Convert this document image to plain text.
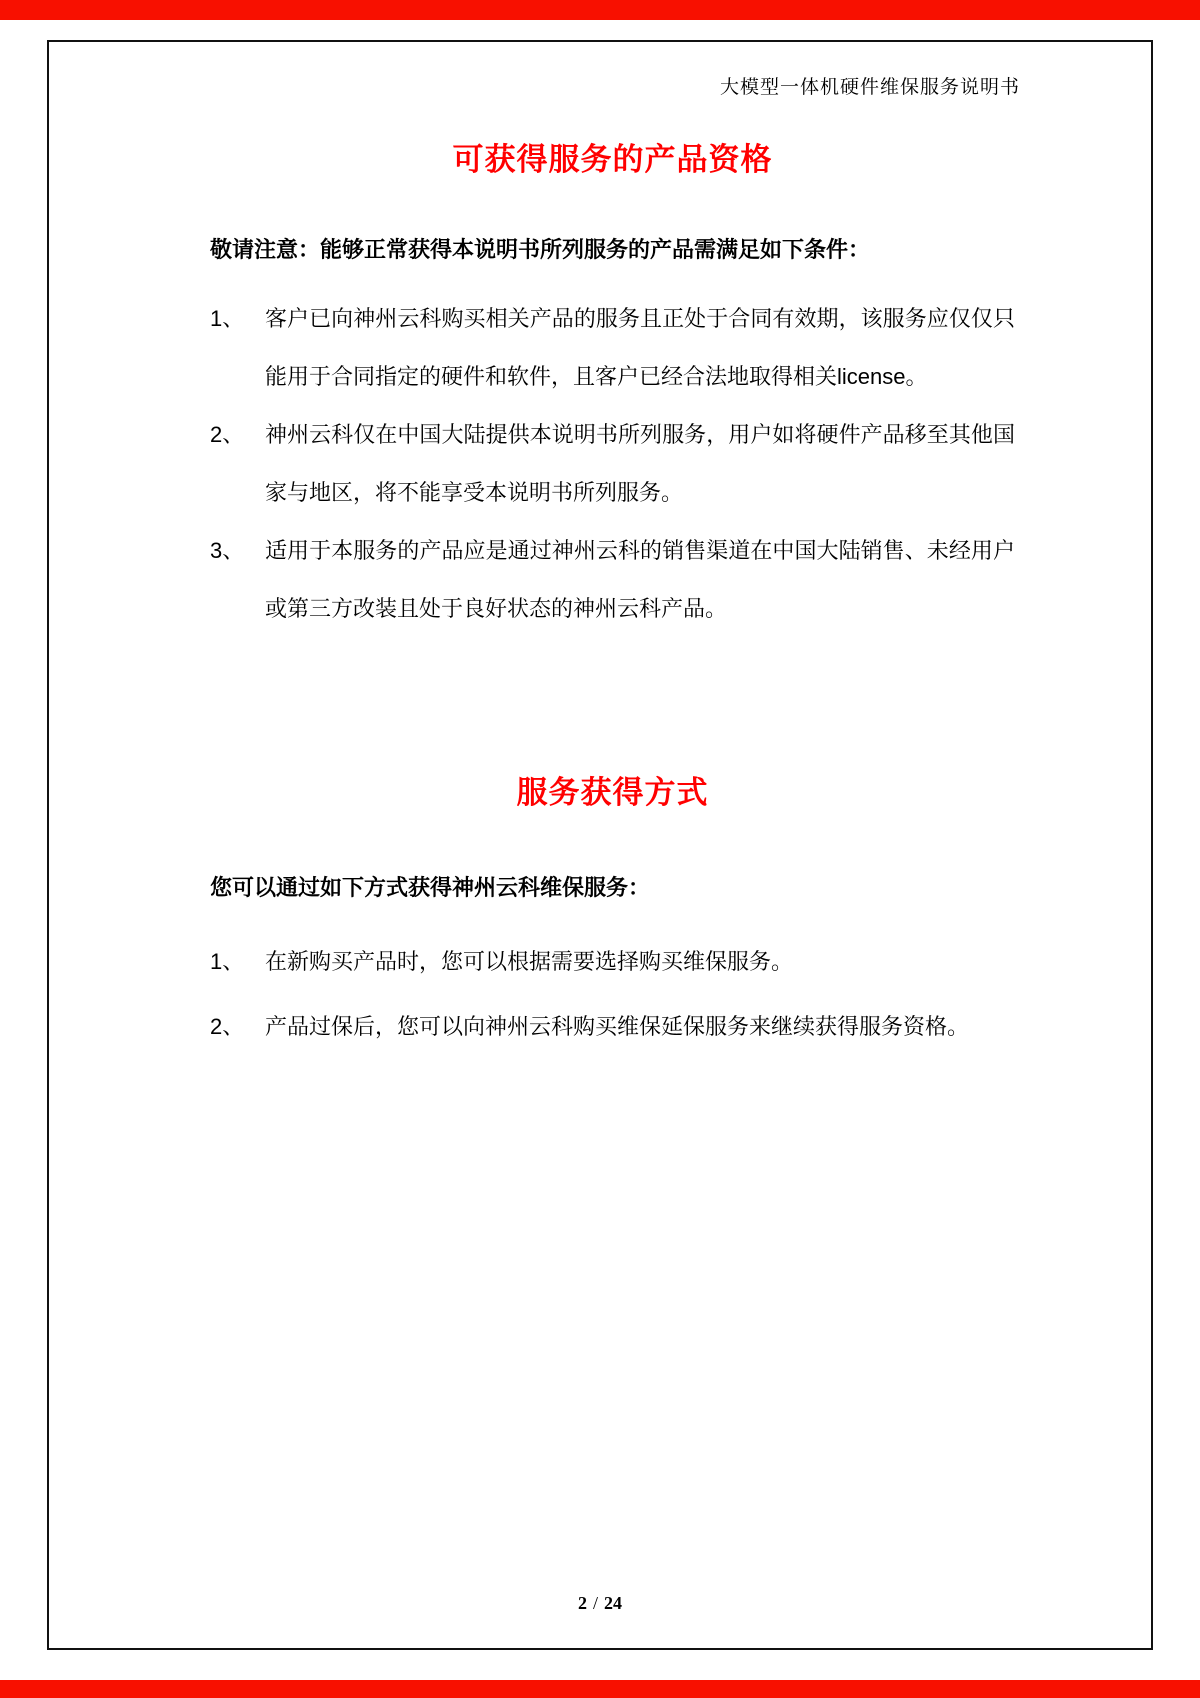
大模型一体机硬件维保服务说明书
可获得服务的产品资格

敬请注意：能够正常获得本说明书所列服务的产品需满足如下条件：

1、 客户已向神州云科购买相关产品的服务且正处于合同有效期，该服务应仅仅只能用于合同指定的硬件和软件，且客户已经合法地取得相关license。
2、 神州云科仅在中国大陆提供本说明书所列服务，用户如将硬件产品移至其他国家与地区，将不能享受本说明书所列服务。
3、 适用于本服务的产品应是通过神州云科的销售渠道在中国大陆销售、未经用户或第三方改装且处于良好状态的神州云科产品。
服务获得方式

您可以通过如下方式获得神州云科维保服务：

1、 在新购买产品时，您可以根据需要选择购买维保服务。
2、 产品过保后，您可以向神州云科购买维保延保服务来继续获得服务资格。
2 / 24
